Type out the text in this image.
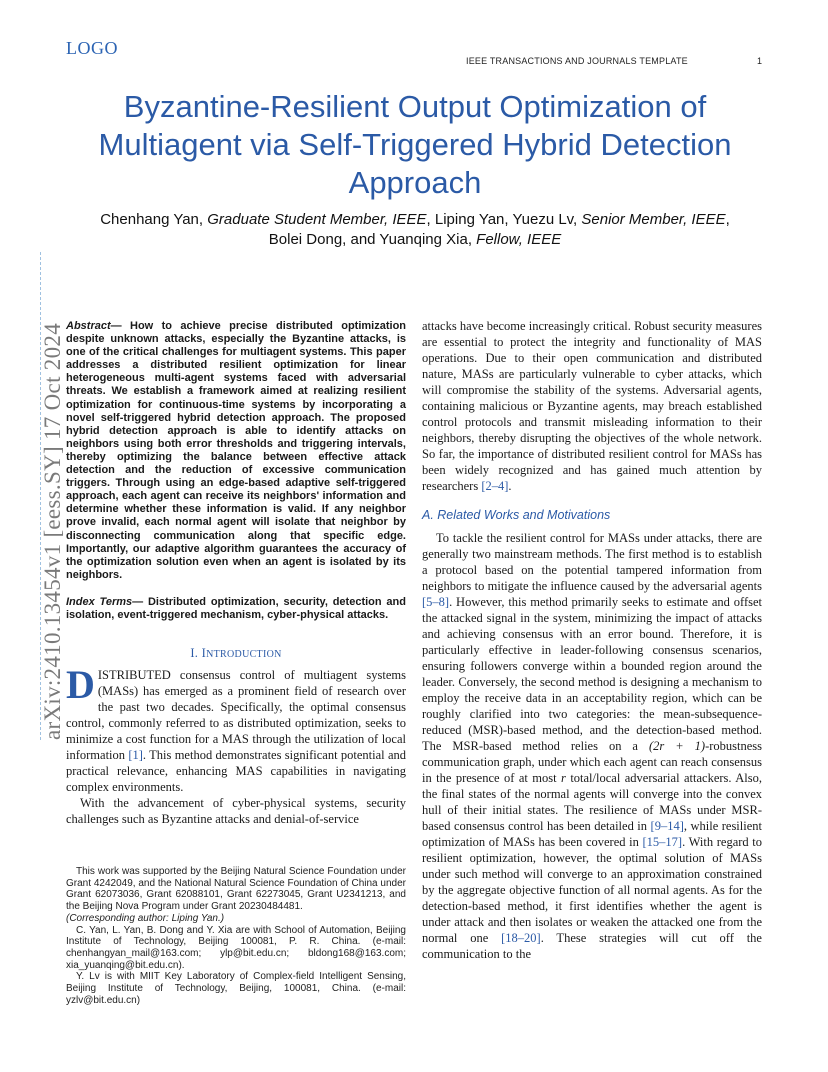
LOGO
IEEE TRANSACTIONS AND JOURNALS TEMPLATE	1
Byzantine-Resilient Output Optimization of Multiagent via Self-Triggered Hybrid Detection Approach
Chenhang Yan, Graduate Student Member, IEEE, Liping Yan, Yuezu Lv, Senior Member, IEEE,
Bolei Dong, and Yuanqing Xia, Fellow, IEEE
arXiv:2410.13454v1 [eess.SY] 17 Oct 2024 Abstract— How to achieve precise distributed optimization despite unknown attacks, especially the Byzantine attacks, is one of the critical challenges for multiagent systems. This paper addresses a distributed resilient optimization for linear heterogeneous multi-agent systems faced with adversarial threats. We establish a framework aimed at realizing resilient optimization for continuous-time systems by incorporating a novel self-triggered hybrid detection approach. The proposed hybrid detection approach is able to identify attacks on neighbors using both error thresholds and triggering intervals, thereby optimizing the balance between effective attack detection and the reduction of excessive communication triggers. Through using an edge-based adaptive self-triggered approach, each agent can receive its neighbors' information and determine whether these information is valid. If any neighbor prove invalid, each normal agent will isolate that neighbor by disconnecting communication along that specific edge. Importantly, our adaptive algorithm guarantees the accuracy of the optimization solution even when an agent is isolated by its neighbors.

Index Terms— Distributed optimization, security, detection and isolation, event-triggered mechanism, cyber-physical attacks.

I. INTRODUCTION

DISTRIBUTED consensus control of multiagent systems (MASs) has emerged as a prominent field of research over the past two decades. Specifically, the optimal consensus control, commonly referred to as distributed optimization, seeks to minimize a cost function for a MAS through the utilization of local information [1]. This method demonstrates significant potential and practical relevance, enhancing MAS capabilities in navigating complex environments.

With the advancement of cyber-physical systems, security challenges such as Byzantine attacks and denial-of-service

This work was supported by the Beijing Natural Science Foundation under Grant 4242049, and the National Natural Science Foundation of China under Grant 62073036, Grant 62088101, Grant 62273045, Grant U2341213, and the Beijing Nova Program under Grant 20230484481.
(Corresponding author: Liping Yan.)

C. Yan, L. Yan, B. Dong and Y. Xia are with School of Automation, Beijing Institute of Technology, Beijing 100081, P. R. China. (e-mail: chenhangyan_mail@163.com; ylp@bit.edu.cn; bldong168@163.com; xia_yuanqing@bit.edu.cn).

Y. Lv is with MIIT Key Laboratory of Complex-field Intelligent Sensing, Beijing Institute of Technology, Beijing, 100081, China. (e-mail: yzlv@bit.edu.cn)

attacks have become increasingly critical. Robust security measures are essential to protect the integrity and functionality of MAS operations. Due to their open communication and distributed nature, MASs are particularly vulnerable to cyber attacks, which will compromise the stability of the systems. Adversarial agents, containing malicious or Byzantine agents, may breach established control protocols and transmit misleading information to their neighbors, thereby disrupting the objectives of the whole network. So far, the importance of distributed resilient control for MASs has been widely recognized and has gained much attention by researchers [2–4].

A. Related Works and Motivations

To tackle the resilient control for MASs under attacks, there are generally two mainstream methods. The first method is to establish a protocol based on the potential tampered information from neighbors to mitigate the influence caused by the adversarial agents [5–8]. However, this method primarily seeks to estimate and offset the attacked signal in the system, minimizing the impact of attacks and achieving consensus with an error bound. Therefore, it is particularly effective in leader-following consensus scenarios, ensuring followers converge within a bounded region around the leader. Conversely, the second method is designing a mechanism to employ the receive data in an acceptability region, which can be roughly clarified into two categories: the mean-subsequence-reduced (MSR)-based method, and the detection-based method. The MSR-based method relies on a (2r + 1)-robustness communication graph, under which each agent can reach consensus in the presence of at most r total/local adversarial attackers. Also, the final states of the normal agents will converge into the convex hull of their initial states. The resilience of MASs under MSR-based consensus control has been detailed in [9–14], while resilient optimization of MASs has been covered in [15–17]. With regard to resilient optimization, however, the optimal solution of MASs under such method will converge to an approximation constrained by the aggregate objective function of all normal agents. As for the detection-based method, it first identifies whether the agent is under attack and then isolates or weaken the attacked one from the normal one [18–20]. These strategies will cut off the communication to the
